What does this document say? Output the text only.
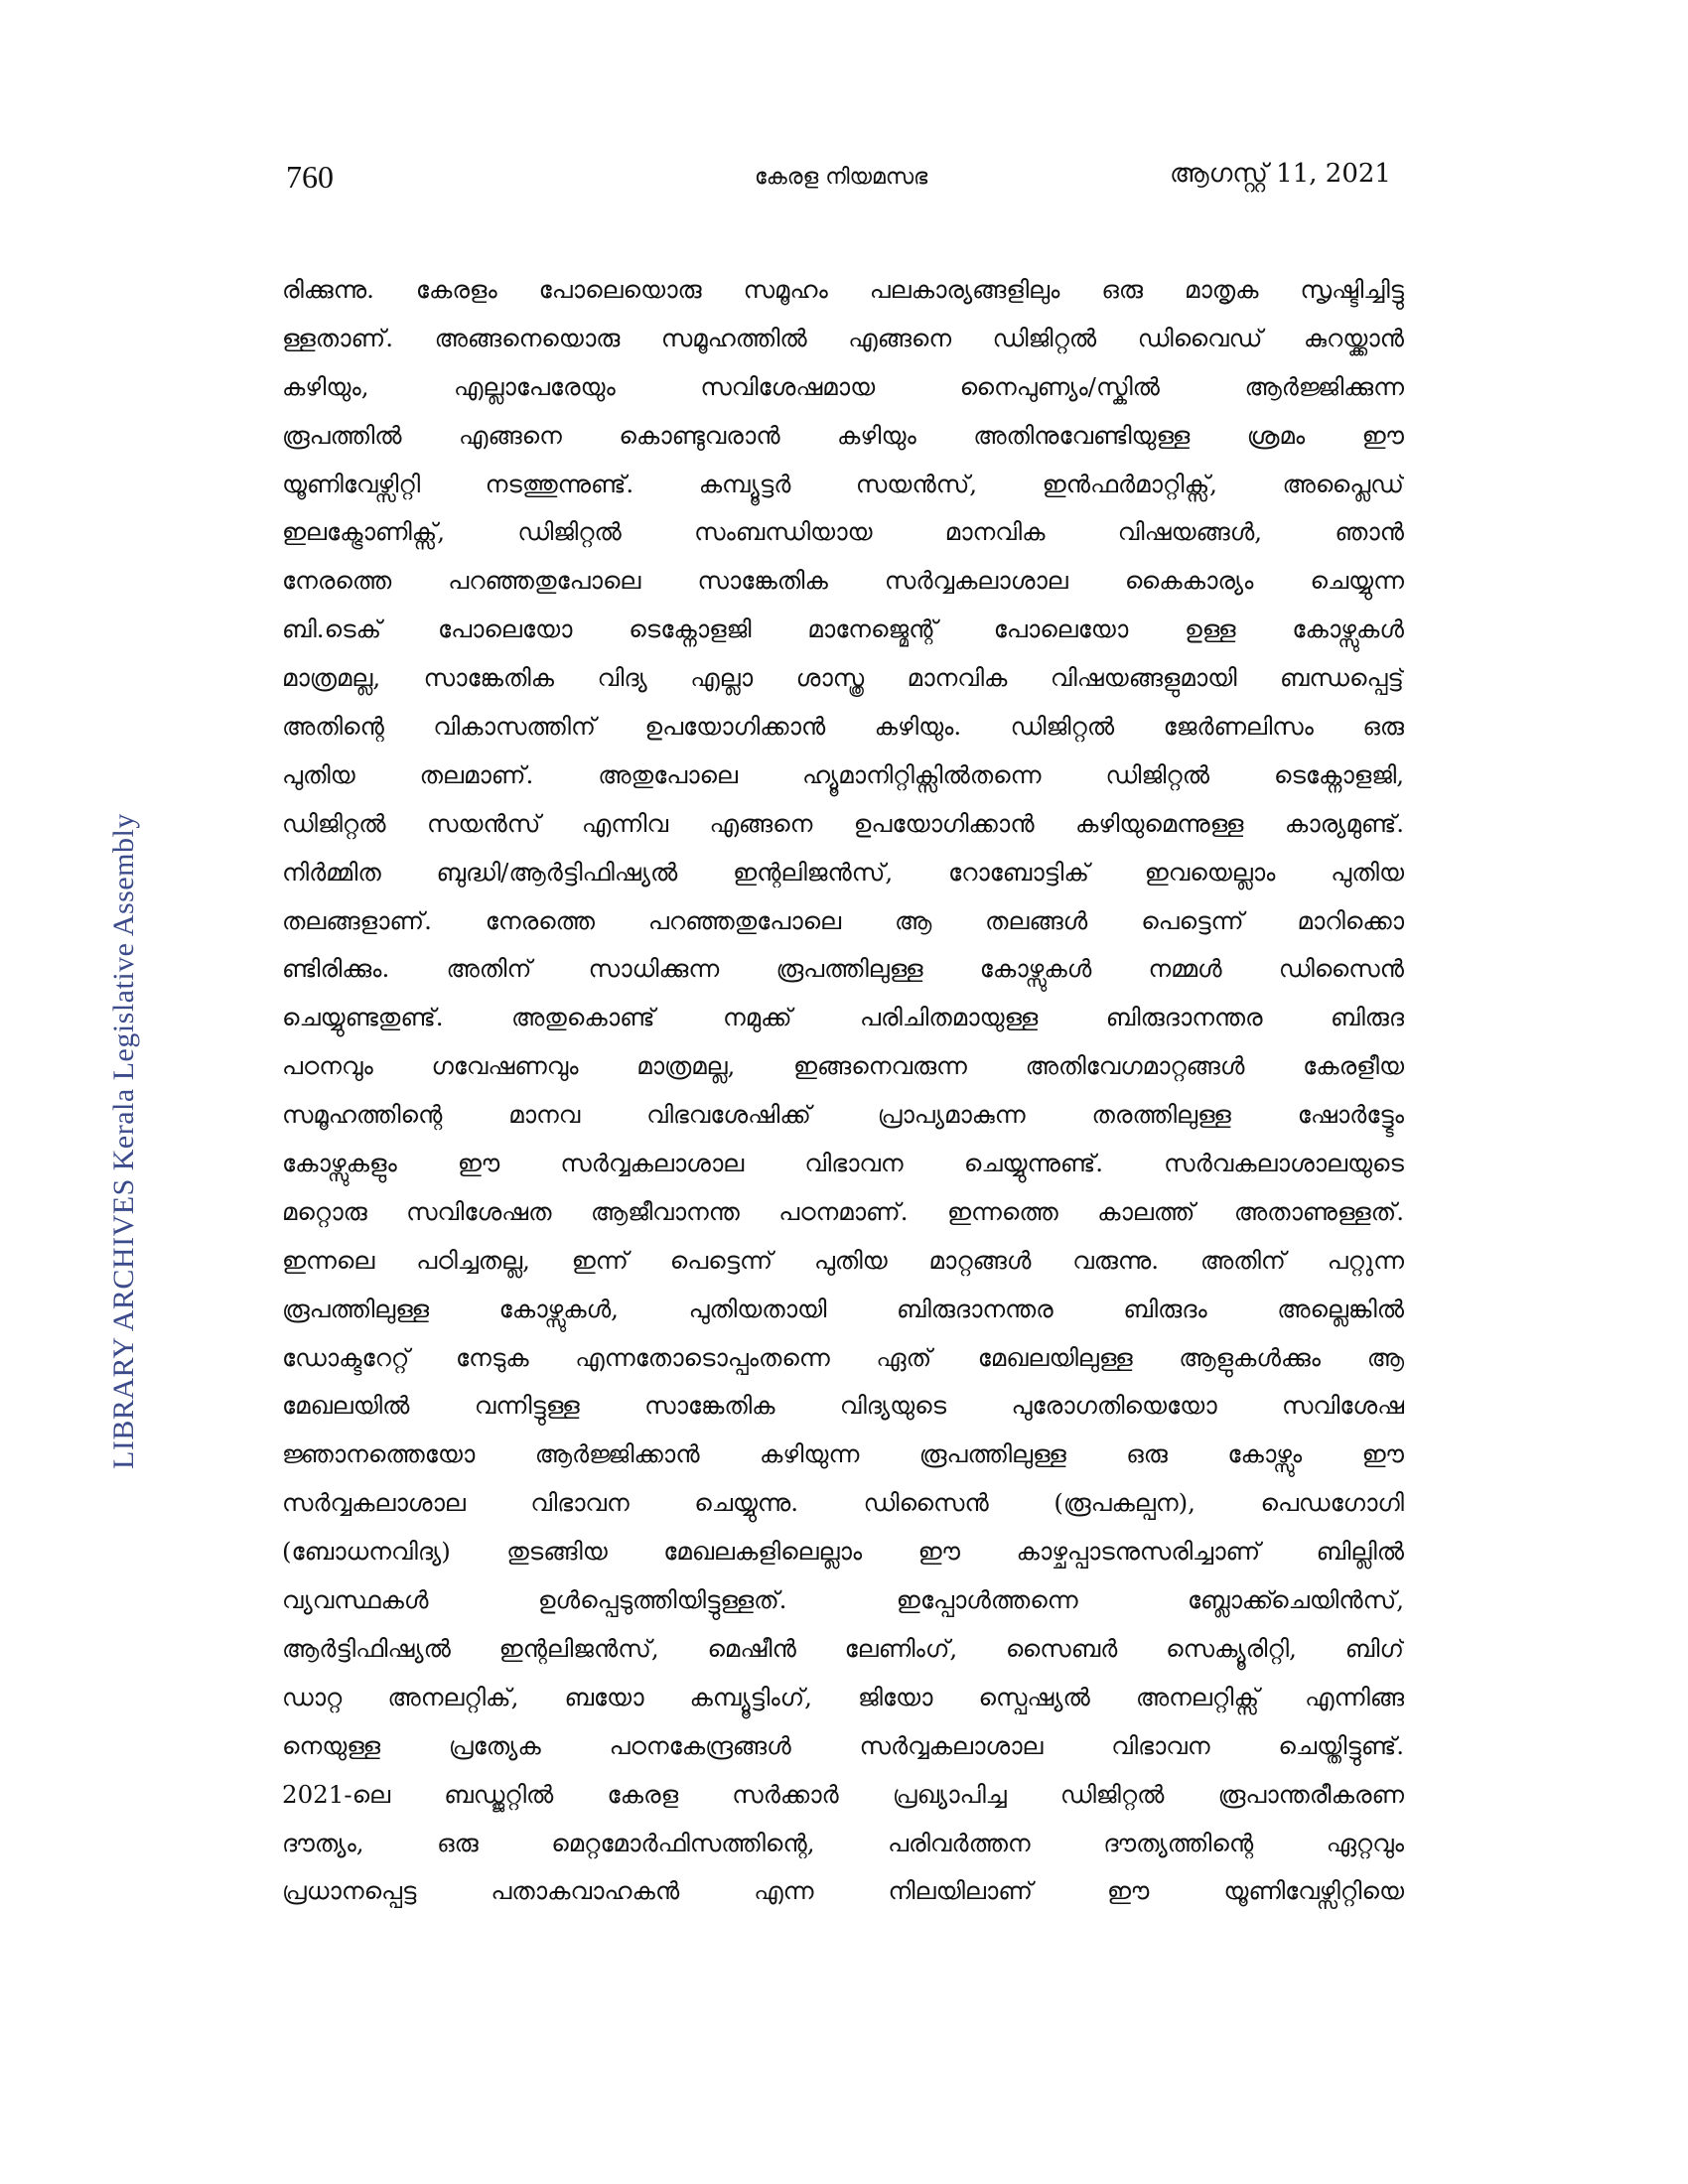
760	കേരള നിയമസഭ	ആഗസ്റ്റ് 11, 2021
LIBRARY ARCHIVES Kerala Legislative Assembly
രിക്കുന്നു. കേരളം പോലെയൊരു സമൂഹം പലകാര്യങ്ങളിലും ഒരു മാതൃക സൃഷ്ടിച്ചിട്ടു
ള്ളതാണ്. അങ്ങനെയൊരു സമൂഹത്തിൽ എങ്ങനെ ഡിജിറ്റൽ ഡിവൈഡ് കുറയ്ക്കാൻ
കഴിയും, എല്ലാപേരേയും സവിശേഷമായ നൈപുണ്യം/സ്കിൽ ആർജ്ജിക്കുന്ന
രൂപത്തിൽ എങ്ങനെ കൊണ്ടുവരാൻ കഴിയും അതിനുവേണ്ടിയുള്ള ശ്രമം ഈ
യൂണിവേഴ്സിറ്റി നടത്തുന്നുണ്ട്. കമ്പ്യൂട്ടർ സയൻസ്, ഇൻഫർമാറ്റിക്സ്, അപ്ലൈഡ്
ഇലക്ട്രോണിക്സ്, ഡിജിറ്റൽ സംബന്ധിയായ മാനവിക വിഷയങ്ങൾ, ഞാൻ
നേരത്തെ പറഞ്ഞതുപോലെ സാങ്കേതിക സർവ്വകലാശാല കൈകാര്യം ചെയ്യുന്ന
ബി.ടെക് പോലെയോ ടെക്നോളജി മാനേജ്മെന്റ് പോലെയോ ഉള്ള കോഴ്സുകൾ
മാത്രമല്ല, സാങ്കേതിക വിദ്യ എല്ലാ ശാസ്ത്ര മാനവിക വിഷയങ്ങളുമായി ബന്ധപ്പെട്ട്
അതിന്റെ വികാസത്തിന് ഉപയോഗിക്കാൻ കഴിയും. ഡിജിറ്റൽ ജേർണലിസം ഒരു
പുതിയ തലമാണ്. അതുപോലെ ഹ്യൂമാനിറ്റിക്സിൽതന്നെ ഡിജിറ്റൽ ടെക്നോളജി,
ഡിജിറ്റൽ സയൻസ് എന്നിവ എങ്ങനെ ഉപയോഗിക്കാൻ കഴിയുമെന്നുള്ള കാര്യമുണ്ട്.
നിർമ്മിത ബുദ്ധി/ആർട്ടിഫിഷ്യൽ ഇന്റലിജൻസ്, റോബോട്ടിക് ഇവയെല്ലാം പുതിയ
തലങ്ങളാണ്. നേരത്തെ പറഞ്ഞതുപോലെ ആ തലങ്ങൾ പെട്ടെന്ന് മാറിക്കൊ
ണ്ടിരിക്കും. അതിന് സാധിക്കുന്ന രൂപത്തിലുള്ള കോഴ്സുകൾ നമ്മൾ ഡിസൈൻ
ചെയ്യുണ്ടതുണ്ട്. അതുകൊണ്ട് നമുക്ക് പരിചിതമായുള്ള ബിരുദാനന്തര ബിരുദ
പഠനവും ഗവേഷണവും മാത്രമല്ല, ഇങ്ങനെവരുന്ന അതിവേഗമാറ്റങ്ങൾ കേരളീയ
സമൂഹത്തിന്റെ മാനവ വിഭവശേഷിക്ക് പ്രാപ്യമാകുന്ന തരത്തിലുള്ള ഷോർട്ട്ടേം
കോഴ്സുകളും ഈ സർവ്വകലാശാല വിഭാവന ചെയ്യുന്നുണ്ട്. സർവകലാശാലയുടെ
മറ്റൊരു സവിശേഷത ആജീവാനന്ത പഠനമാണ്. ഇന്നത്തെ കാലത്ത് അതാണുള്ളത്.
ഇന്നലെ പഠിച്ചതല്ല, ഇന്ന് പെട്ടെന്ന് പുതിയ മാറ്റങ്ങൾ വരുന്നു. അതിന് പറ്റുന്ന
രൂപത്തിലുള്ള കോഴ്സുകൾ, പുതിയതായി ബിരുദാനന്തര ബിരുദം അല്ലെങ്കിൽ
ഡോക്ടറേറ്റ് നേടുക എന്നതോടൊപ്പംതന്നെ ഏത് മേഖലയിലുള്ള ആളുകൾക്കും ആ
മേഖലയിൽ വന്നിട്ടുള്ള സാങ്കേതിക വിദ്യയുടെ പുരോഗതിയെയോ സവിശേഷ
ജ്ഞാനത്തെയോ ആർജ്ജിക്കാൻ കഴിയുന്ന രൂപത്തിലുള്ള ഒരു കോഴ്സും ഈ
സർവ്വകലാശാല വിഭാവന ചെയ്യുന്നു. ഡിസൈൻ (രൂപകല്പന), പെഡഗോഗി
(ബോധനവിദ്യ) തുടങ്ങിയ മേഖലകളിലെല്ലാം ഈ കാഴ്ചപ്പാടനുസരിച്ചാണ് ബില്ലിൽ
വ്യവസ്ഥകൾ ഉൾപ്പെടുത്തിയിട്ടുള്ളത്. ഇപ്പോൾത്തന്നെ ബ്ലോക്ക്ചെയിൻസ്,
ആർട്ടിഫിഷ്യൽ ഇന്റലിജൻസ്, മെഷീൻ ലേണിംഗ്, സൈബർ സെക്യൂരിറ്റി, ബിഗ്
ഡാറ്റ അനലറ്റിക്, ബയോ കമ്പ്യൂട്ടിംഗ്, ജിയോ സ്പെഷ്യൽ അനലറ്റിക്സ് എന്നിങ്ങ
നെയുള്ള പ്രത്യേക പഠനകേന്ദ്രങ്ങൾ സർവ്വകലാശാല വിഭാവന ചെയ്തിട്ടുണ്ട്.
2021-ലെ ബഡ്ജറ്റിൽ കേരള സർക്കാർ പ്രഖ്യാപിച്ച ഡിജിറ്റൽ രൂപാന്തരീകരണ
ദൗത്യം, ഒരു മെറ്റമോർഫിസത്തിന്റെ, പരിവർത്തന ദൗത്യത്തിന്റെ ഏറ്റവും
പ്രധാനപ്പെട്ട പതാകവാഹകൻ എന്ന നിലയിലാണ് ഈ യൂണിവേഴ്സിറ്റിയെ
